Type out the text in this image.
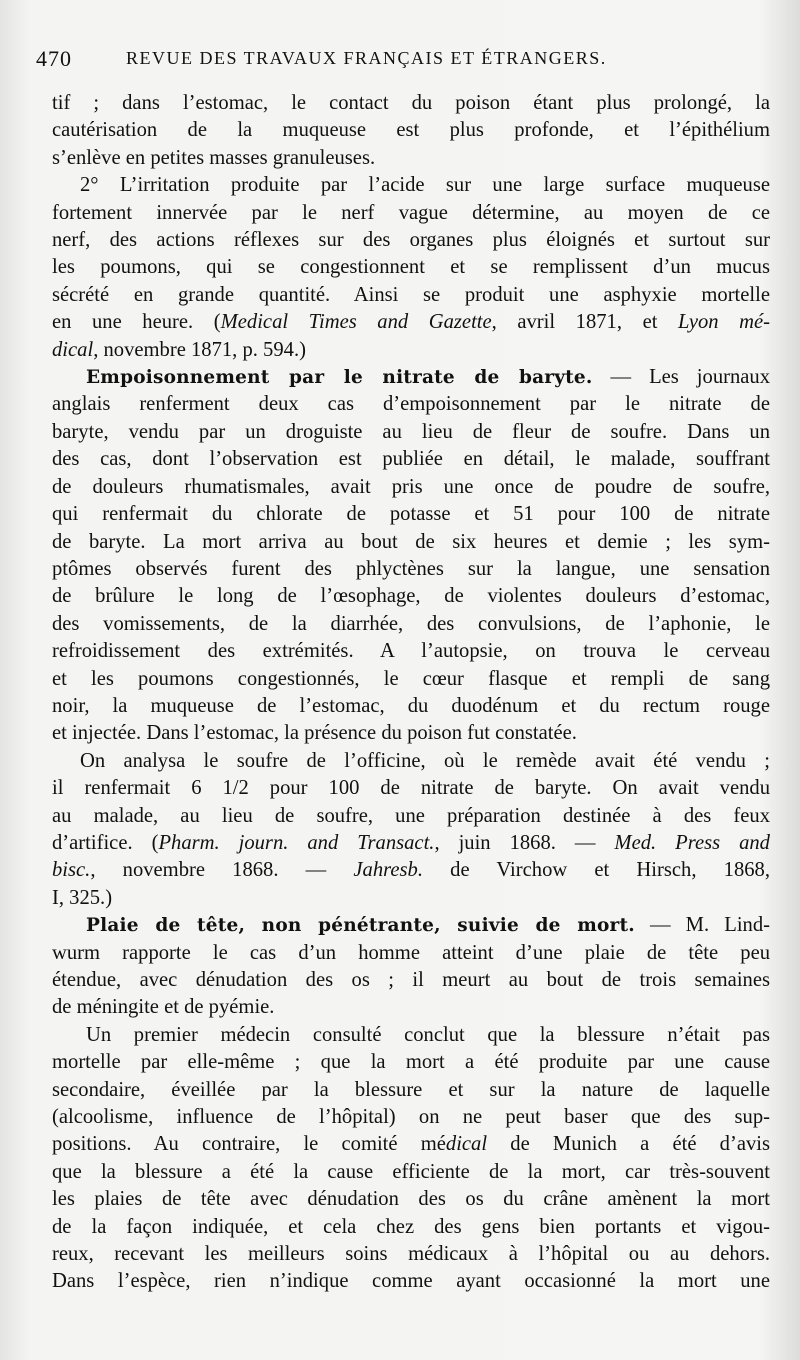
470	REVUE DES TRAVAUX FRANÇAIS ET ÉTRANGERS.
tif ; dans l’estomac, le contact du poison étant plus prolongé, la
cautérisation de la muqueuse est plus profonde, et l’épithélium
s’enlève en petites masses granuleuses.
2° L’irritation produite par l’acide sur une large surface muqueuse
fortement innervée par le nerf vague détermine, au moyen de ce
nerf, des actions réflexes sur des organes plus éloignés et surtout sur
les poumons, qui se congestionnent et se remplissent d’un mucus
sécrété en grande quantité. Ainsi se produit une asphyxie mortelle
en une heure. (Medical Times and Gazette, avril 1871, et Lyon mé-
dical, novembre 1871, p. 594.)
Empoisonnement par le nitrate de baryte. — Les journaux
anglais renferment deux cas d’empoisonnement par le nitrate de
baryte, vendu par un droguiste au lieu de fleur de soufre. Dans un
des cas, dont l’observation est publiée en détail, le malade, souffrant
de douleurs rhumatismales, avait pris une once de poudre de soufre,
qui renfermait du chlorate de potasse et 51 pour 100 de nitrate
de baryte. La mort arriva au bout de six heures et demie ; les sym-
ptômes observés furent des phlyctènes sur la langue, une sensation
de brûlure le long de l’œsophage, de violentes douleurs d’estomac,
des vomissements, de la diarrhée, des convulsions, de l’aphonie, le
refroidissement des extrémités. A l’autopsie, on trouva le cerveau
et les poumons congestionnés, le cœur flasque et rempli de sang
noir, la muqueuse de l’estomac, du duodénum et du rectum rouge
et injectée. Dans l’estomac, la présence du poison fut constatée.
On analysa le soufre de l’officine, où le remède avait été vendu ;
il renfermait 6 1/2 pour 100 de nitrate de baryte. On avait vendu
au malade, au lieu de soufre, une préparation destinée à des feux
d’artifice. (Pharm. journ. and Transact., juin 1868. — Med. Press and
bisc., novembre 1868. — Jahresb. de Virchow et Hirsch, 1868,
I, 325.)
Plaie de tête, non pénétrante, suivie de mort. — M. Lind-
wurm rapporte le cas d’un homme atteint d’une plaie de tête peu
étendue, avec dénudation des os ; il meurt au bout de trois semaines
de méningite et de pyémie.
Un premier médecin consulté conclut que la blessure n’était pas
mortelle par elle-même ; que la mort a été produite par une cause
secondaire, éveillée par la blessure et sur la nature de laquelle
(alcoolisme, influence de l’hôpital) on ne peut baser que des sup-
positions. Au contraire, le comité médical de Munich a été d’avis
que la blessure a été la cause efficiente de la mort, car très-souvent
les plaies de tête avec dénudation des os du crâne amènent la mort
de la façon indiquée, et cela chez des gens bien portants et vigou-
reux, recevant les meilleurs soins médicaux à l’hôpital ou au dehors.
Dans l’espèce, rien n’indique comme ayant occasionné la mort une
